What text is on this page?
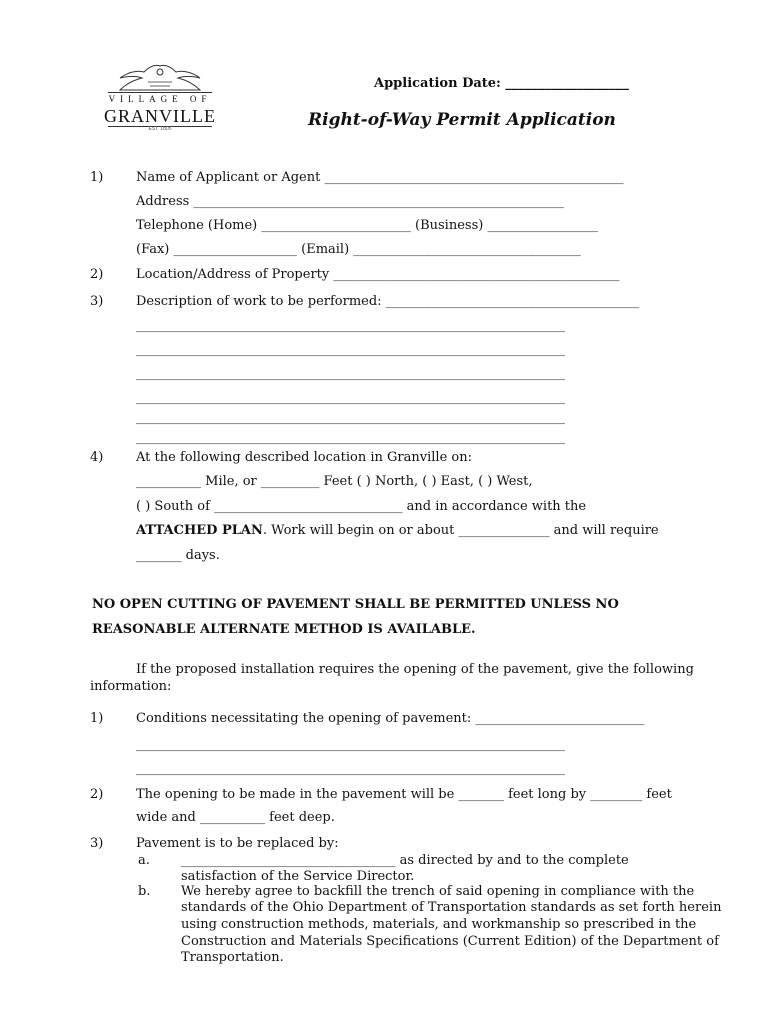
VILLAGE OF
GRANVILLE
EST. 1805
Application Date: ___________________
Right-of-Way Permit Application
1)	Name of Applicant or Agent ______________________________________________
Address _________________________________________________________
Telephone (Home) _______________________ (Business) _________________
(Fax) ___________________ (Email) ___________________________________
2)	Location/Address of Property ____________________________________________
3)	Description of work to be performed: _______________________________________
__________________________________________________________________
__________________________________________________________________
__________________________________________________________________
__________________________________________________________________
__________________________________________________________________
__________________________________________________________________
4)	At the following described location in Granville on:
__________ Mile, or _________ Feet ( ) North, ( ) East, ( ) West,
( ) South of _____________________________ and in accordance with the
ATTACHED PLAN. Work will begin on or about ______________ and will require
_______ days.
NO OPEN CUTTING OF PAVEMENT SHALL BE PERMITTED UNLESS NO
REASONABLE ALTERNATE METHOD IS AVAILABLE.
If the proposed installation requires the opening of the pavement, give the following
information:
1)	Conditions necessitating the opening of pavement: __________________________
__________________________________________________________________
__________________________________________________________________
2)	The opening to be made in the pavement will be _______ feet long by ________ feet
wide and __________ feet deep.
3)	Pavement is to be replaced by:
a. _________________________________ as directed by and to the complete
satisfaction of the Service Director.
b. We hereby agree to backfill the trench of said opening in compliance with the
standards of the Ohio Department of Transportation standards as set forth herein
using construction methods, materials, and workmanship so prescribed in the
Construction and Materials Specifications (Current Edition) of the Department of
Transportation.
